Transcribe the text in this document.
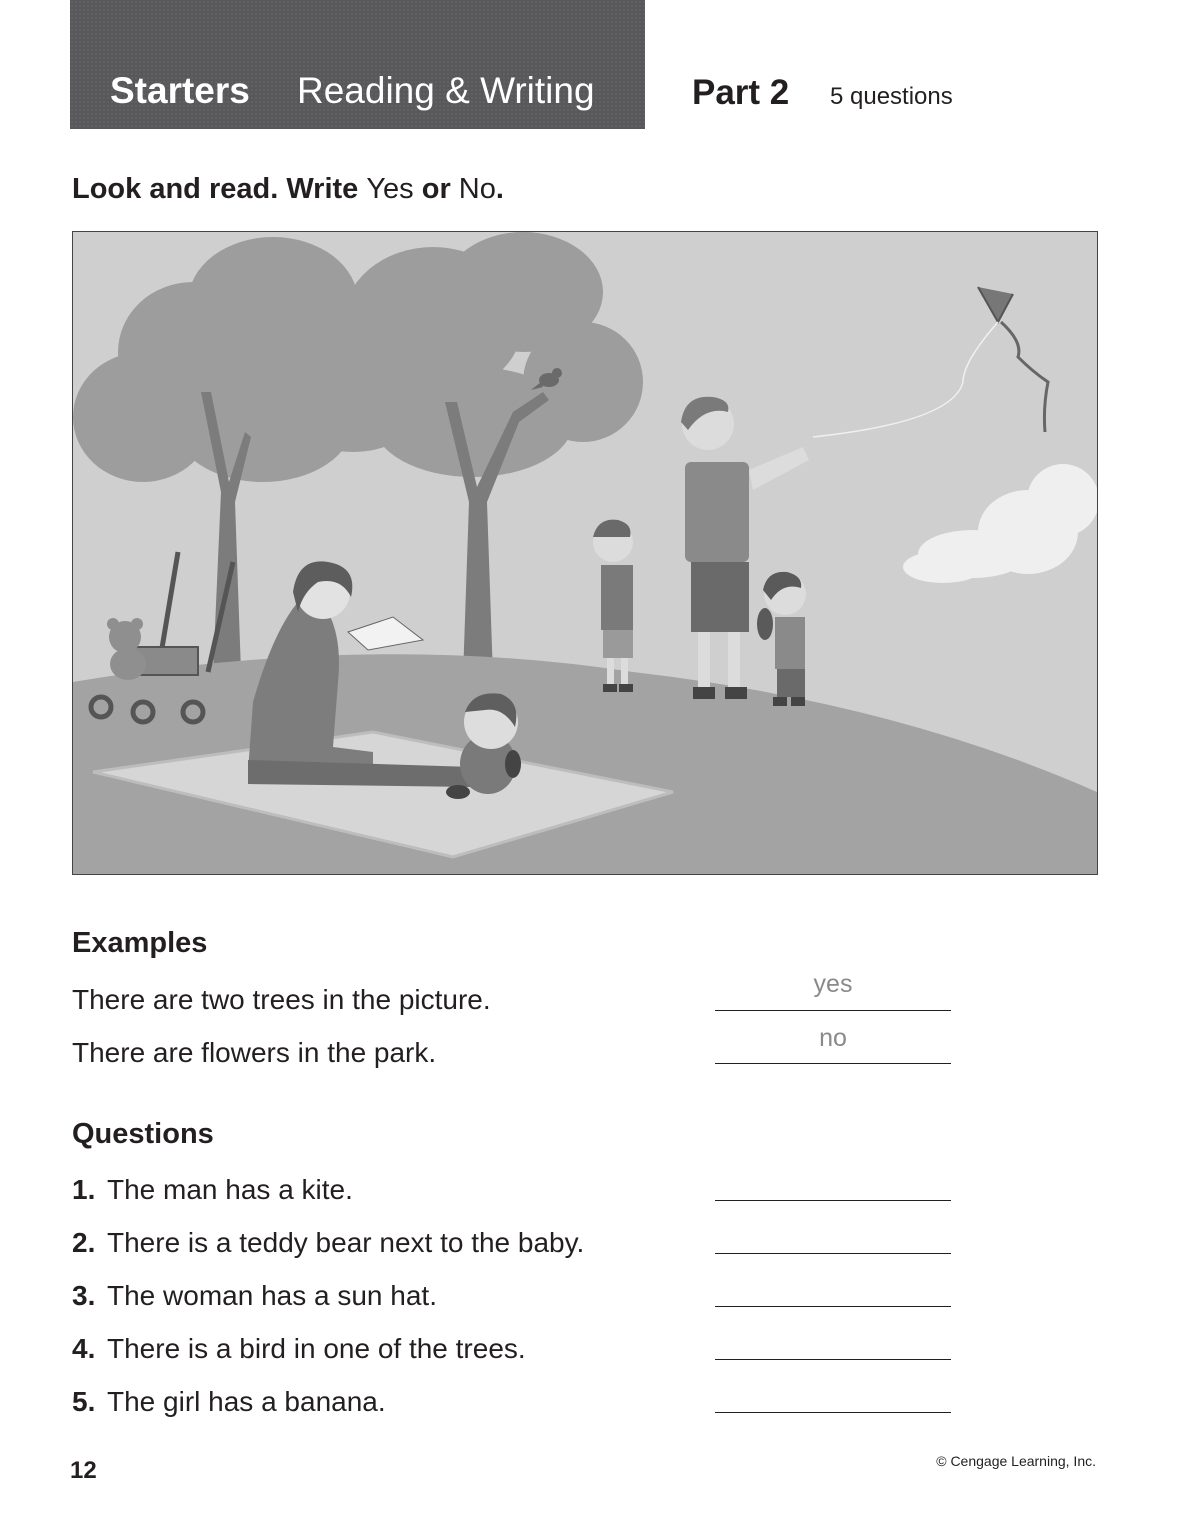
Starters Reading & Writing	Part 2 5 questions
Look and read. Write Yes or No.
Examples
There are two trees in the picture.	yes
There are flowers in the park.	no
Questions
1. The man has a kite.
2. There is a teddy bear next to the baby.
3. The woman has a sun hat.
4. There is a bird in one of the trees.
5. The girl has a banana.
12	© Cengage Learning, Inc.
